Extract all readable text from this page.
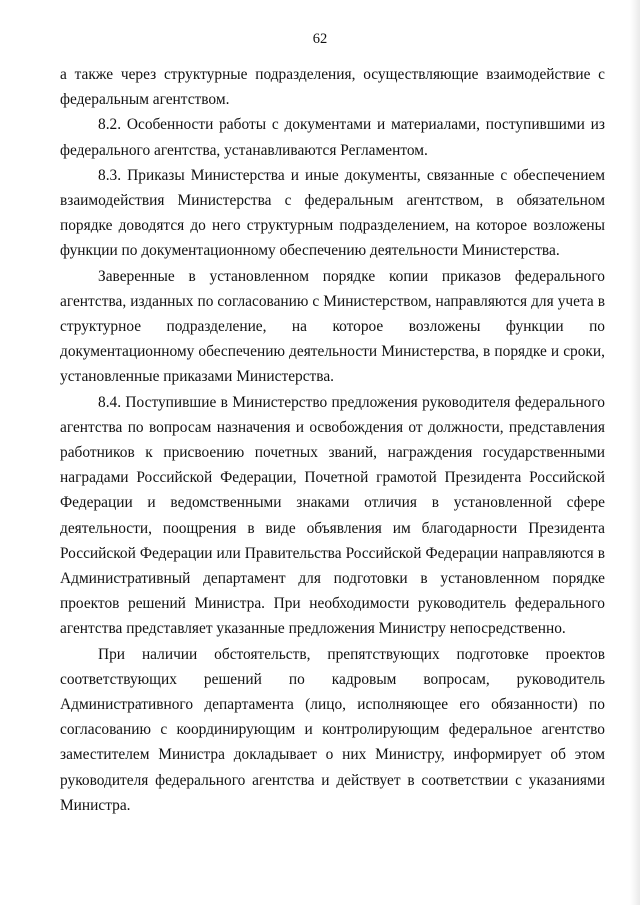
62

а также через структурные подразделения, осуществляющие взаимодействие с федеральным агентством.

8.2. Особенности работы с документами и материалами, поступившими из федерального агентства, устанавливаются Регламентом.

8.3. Приказы Министерства и иные документы, связанные с обеспечением взаимодействия Министерства с федеральным агентством, в обязательном порядке доводятся до него структурным подразделением, на которое возложены функции по документационному обеспечению деятельности Министерства.

Заверенные в установленном порядке копии приказов федерального агентства, изданных по согласованию с Министерством, направляются для учета в структурное подразделение, на которое возложены функции по документационному обеспечению деятельности Министерства, в порядке и сроки, установленные приказами Министерства.

8.4. Поступившие в Министерство предложения руководителя федерального агентства по вопросам назначения и освобождения от должности, представления работников к присвоению почетных званий, награждения государственными наградами Российской Федерации, Почетной грамотой Президента Российской Федерации и ведомственными знаками отличия в установленной сфере деятельности, поощрения в виде объявления им благодарности Президента Российской Федерации или Правительства Российской Федерации направляются в Административный департамент для подготовки в установленном порядке проектов решений Министра. При необходимости руководитель федерального агентства представляет указанные предложения Министру непосредственно.

При наличии обстоятельств, препятствующих подготовке проектов соответствующих решений по кадровым вопросам, руководитель Административного департамента (лицо, исполняющее его обязанности) по согласованию с координирующим и контролирующим федеральное агентство заместителем Министра докладывает о них Министру, информирует об этом руководителя федерального агентства и действует в соответствии с указаниями Министра.
